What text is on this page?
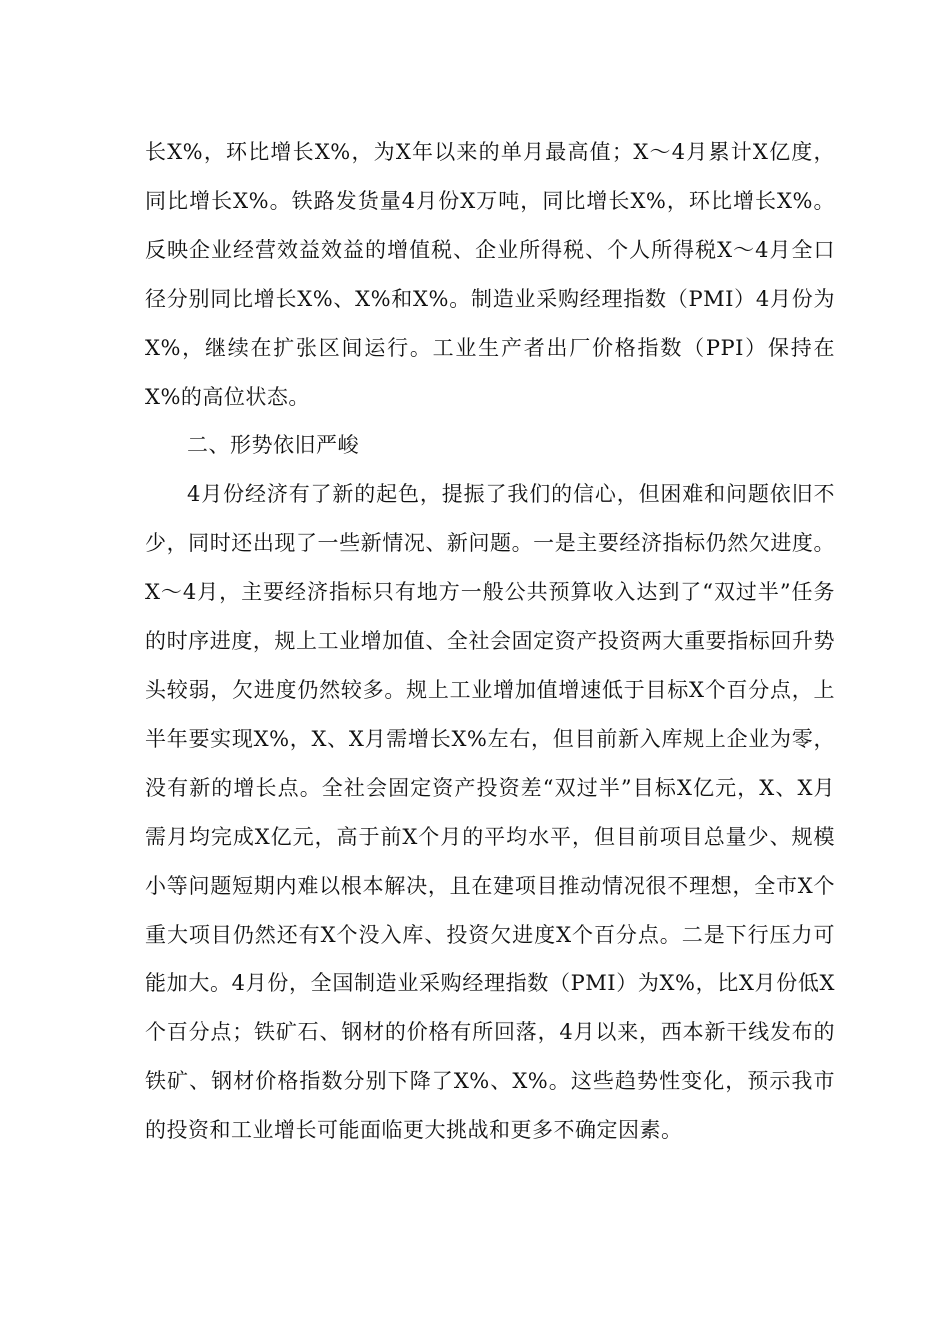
长X%，环比增长X%，为X年以来的单月最高值；X～4月累计X亿度，同比增长X%。铁路发货量4月份X万吨，同比增长X%，环比增长X%。反映企业经营效益效益的增值税、企业所得税、个人所得税X～4月全口径分别同比增长X%、X%和X%。制造业采购经理指数（PMI）4月份为X%，继续在扩张区间运行。工业生产者出厂价格指数（PPI）保持在X%的高位状态。

二、形势依旧严峻

4月份经济有了新的起色，提振了我们的信心，但困难和问题依旧不少，同时还出现了一些新情况、新问题。一是主要经济指标仍然欠进度。X～4月，主要经济指标只有地方一般公共预算收入达到了“双过半”任务的时序进度，规上工业增加值、全社会固定资产投资两大重要指标回升势头较弱，欠进度仍然较多。规上工业增加值增速低于目标X个百分点，上半年要实现X%，X、X月需增长X%左右，但目前新入库规上企业为零，没有新的增长点。全社会固定资产投资差“双过半”目标X亿元，X、X月需月均完成X亿元，高于前X个月的平均水平，但目前项目总量少、规模小等问题短期内难以根本解决，且在建项目推动情况很不理想，全市X个重大项目仍然还有X个没入库、投资欠进度X个百分点。二是下行压力可能加大。4月份，全国制造业采购经理指数（PMI）为X%，比X月份低X个百分点；铁矿石、钢材的价格有所回落，4月以来，西本新干线发布的铁矿、钢材价格指数分别下降了X%、X%。这些趋势性变化，预示我市的投资和工业增长可能面临更大挑战和更多不确定因素。
